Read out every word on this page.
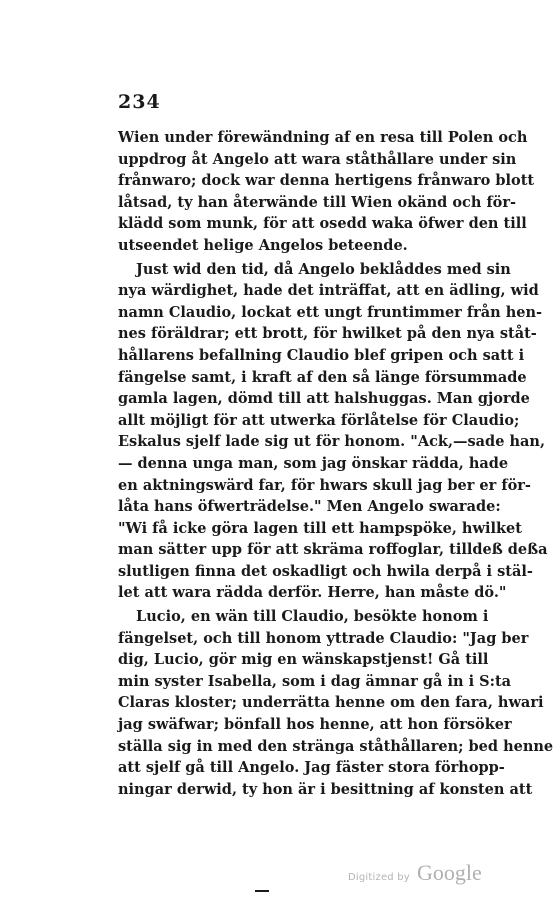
234
Wien under förewändning af en resa till Polen och
uppdrog åt Angelo att wara ståthållare under sin
frånwaro; dock war denna hertigens frånwaro blott
låtsad, ty han återwände till Wien okänd och för-
klädd som munk, för att osedd waka öfwer den till
utseendet helige Angelos beteende.
Just wid den tid, då Angelo beklåddes med sin
nya wärdighet, hade det inträffat, att en ädling, wid
namn Claudio, lockat ett ungt fruntimmer från hen-
nes föräldrar; ett brott, för hwilket på den nya ståt-
hållarens befallning Claudio blef gripen och satt i
fängelse samt, i kraft af den så länge försummade
gamla lagen, dömd till att halshuggas. Man gjorde
allt möjligt för att utwerka förlåtelse för Claudio;
Eskalus sjelf lade sig ut för honom. "Ack,—sade han,
— denna unga man, som jag önskar rädda, hade
en aktningswärd far, för hwars skull jag ber er för-
låta hans öfwerträdelse." Men Angelo swarade:
"Wi få icke göra lagen till ett hampspöke, hwilket
man sätter upp för att skräma roffoglar, tilldeß deßa
slutligen finna det oskadligt och hwila derpå i stäl-
let att wara rädda derför. Herre, han måste dö."
Lucio, en wän till Claudio, besökte honom i
fängelset, och till honom yttrade Claudio: "Jag ber
dig, Lucio, gör mig en wänskapstjenst! Gå till
min syster Isabella, som i dag ämnar gå in i S:ta
Claras kloster; underrätta henne om den fara, hwari
jag swäfwar; bönfall hos henne, att hon försöker
ställa sig in med den stränga ståthållaren; bed henne
att sjelf gå till Angelo. Jag fäster stora förhopp-
ningar derwid, ty hon är i besittning af konsten att
Digitized by Google
